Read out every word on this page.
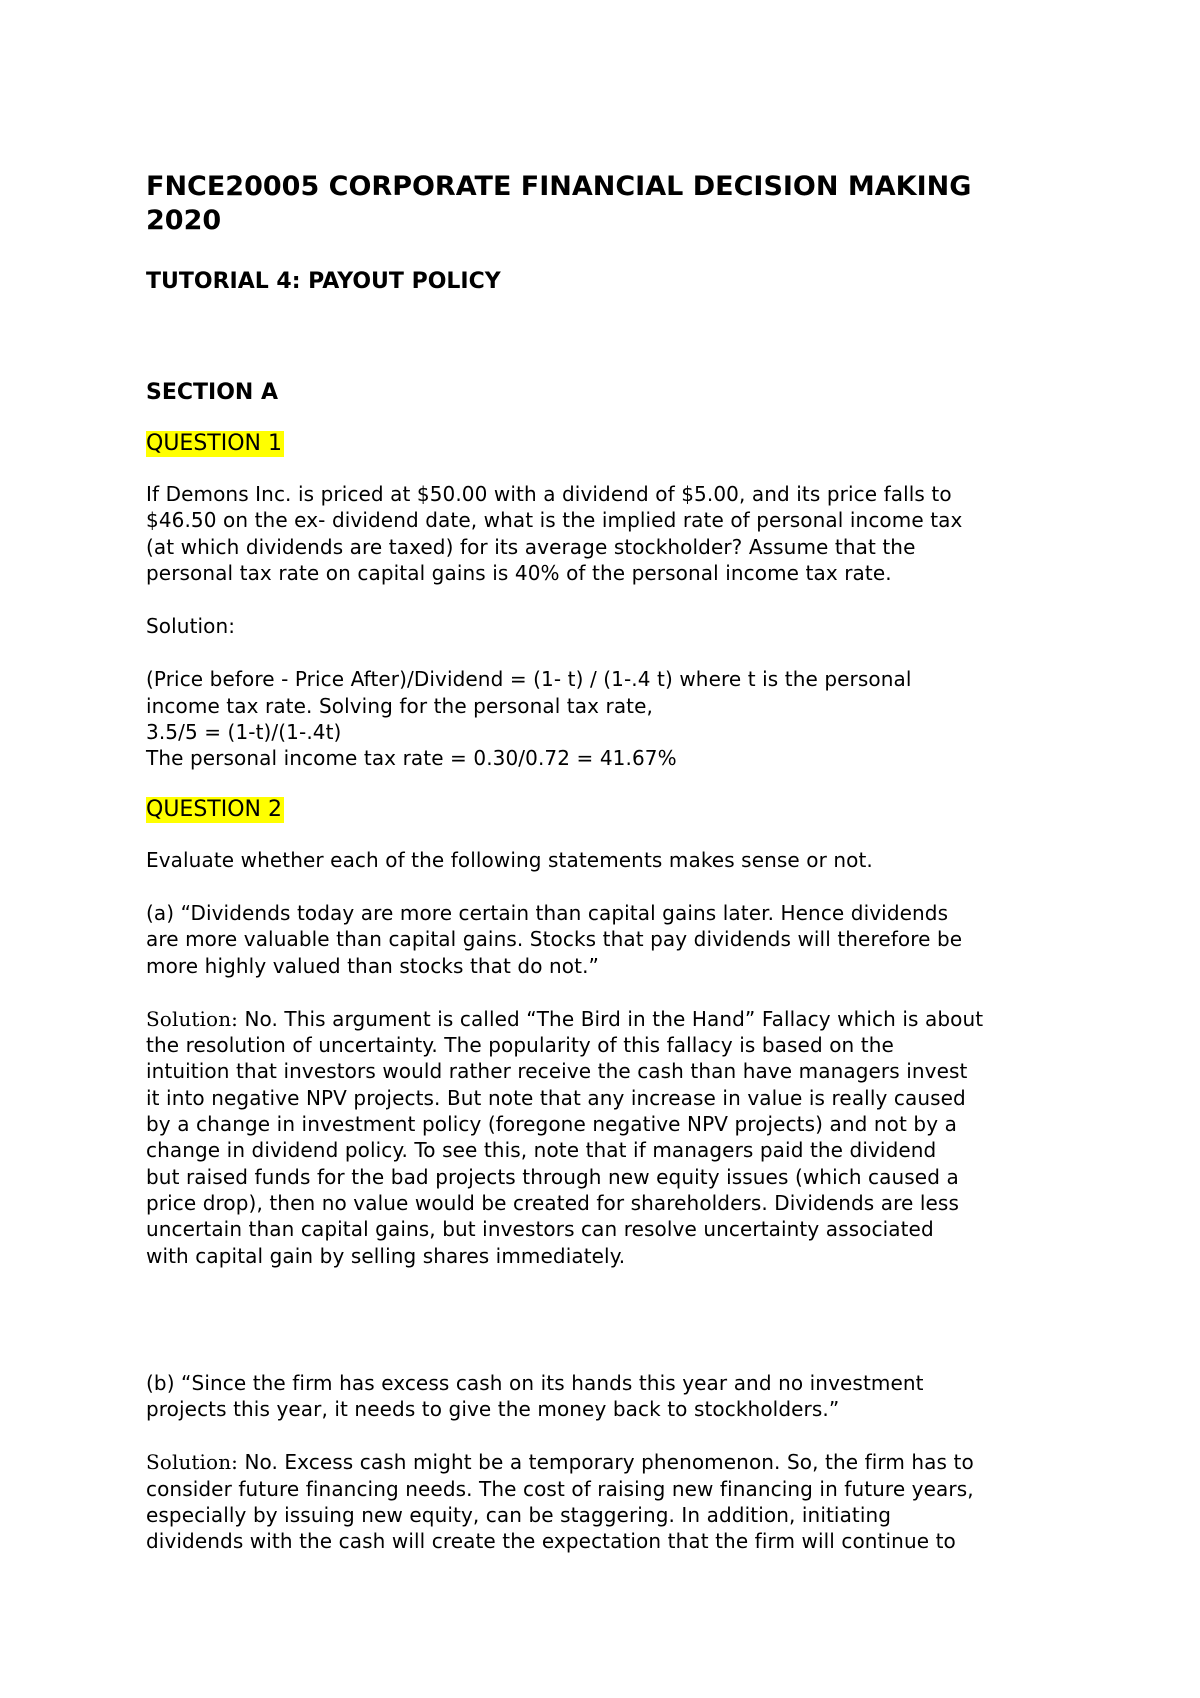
FNCE20005 CORPORATE FINANCIAL DECISION MAKING
2020
TUTORIAL 4: PAYOUT POLICY
SECTION A
QUESTION 1
If Demons Inc. is priced at $50.00 with a dividend of $5.00, and its price falls to
$46.50 on the ex- dividend date, what is the implied rate of personal income tax
(at which dividends are taxed) for its average stockholder? Assume that the
personal tax rate on capital gains is 40% of the personal income tax rate.
Solution:
(Price before - Price After)/Dividend = (1- t) / (1-.4 t) where t is the personal
income tax rate. Solving for the personal tax rate,
3.5/5 = (1-t)/(1-.4t)
The personal income tax rate = 0.30/0.72 = 41.67%
QUESTION 2
Evaluate whether each of the following statements makes sense or not.
(a) “Dividends today are more certain than capital gains later. Hence dividends
are more valuable than capital gains. Stocks that pay dividends will therefore be
more highly valued than stocks that do not.”
Solution: No. This argument is called “The Bird in the Hand” Fallacy which is about
the resolution of uncertainty. The popularity of this fallacy is based on the
intuition that investors would rather receive the cash than have managers invest
it into negative NPV projects. But note that any increase in value is really caused
by a change in investment policy (foregone negative NPV projects) and not by a
change in dividend policy. To see this, note that if managers paid the dividend
but raised funds for the bad projects through new equity issues (which caused a
price drop), then no value would be created for shareholders. Dividends are less
uncertain than capital gains, but investors can resolve uncertainty associated
with capital gain by selling shares immediately.
(b) “Since the firm has excess cash on its hands this year and no investment
projects this year, it needs to give the money back to stockholders.”
Solution: No. Excess cash might be a temporary phenomenon. So, the firm has to
consider future financing needs. The cost of raising new financing in future years,
especially by issuing new equity, can be staggering. In addition, initiating
dividends with the cash will create the expectation that the firm will continue to
